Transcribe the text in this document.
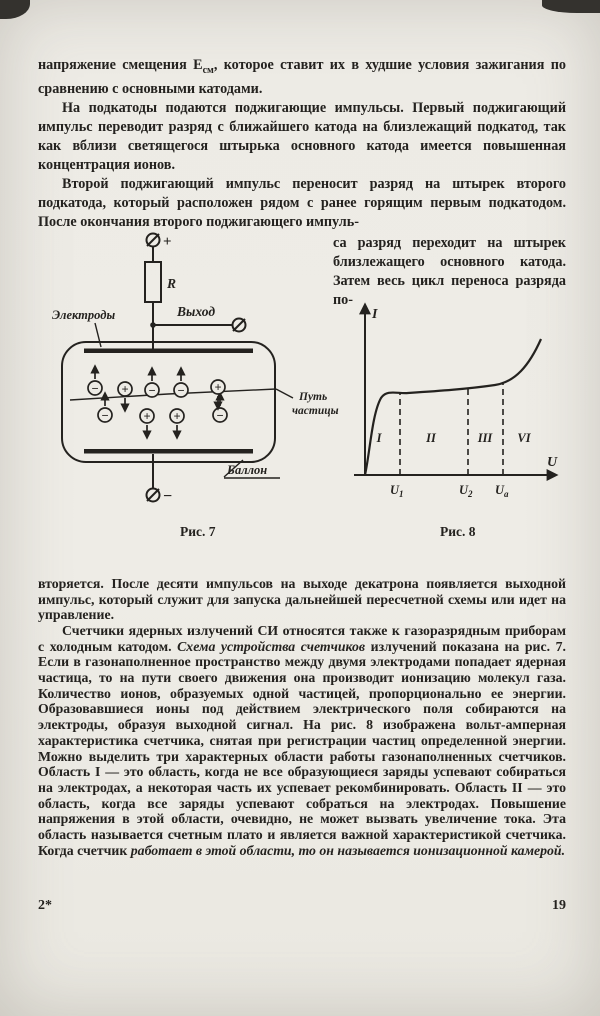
напряжение смещения $Е_{см}$, которое ставит их в худшие условия зажигания по сравнению с основными катодами.

На подкатоды подаются поджигающие импульсы. Первый поджигающий импульс переводит разряд с ближайшего катода на близлежащий подкатод, так как вблизи светящегося штырька основного катода имеется повышенная концентрация ионов.

Второй поджигающий импульс переносит разряд на штырек второго подкатода, который расположен рядом с ранее горящим первым подкатодом. После окончания второго поджигающего импуль-

са разряд переходит на штырек близлежащего основного катода. Затем весь цикл переноса разряда по-

−	− −
−	−
+	+
+ +
+
R
Выход
Электроды
Путь
частицы
Баллон
−
I
U
I	II	III VI
$U_1$	$U_2$ $U_а$
Рис. 7	Рис. 8

вторяется. После десяти импульсов на выходе декатрона появляется выходной импульс, который служит для запуска дальнейшей пересчетной схемы или идет на управление.

Счетчики ядерных излучений СИ относятся также к газоразрядным приборам с холодным катодом. Схема устройства счетчиков излучений показана на рис. 7. Если в газонаполненное пространство между двумя электродами попадает ядерная частица, то на пути своего движения она производит ионизацию молекул газа. Количество ионов, образуемых одной частицей, пропорционально ее энергии. Образовавшиеся ионы под действием электрического поля собираются на электроды, образуя выходной сигнал. На рис. 8 изображена вольт-амперная характеристика счетчика, снятая при регистрации частиц определенной энергии. Можно выделить три характерных области работы газонаполненных счетчиков. Область I — это область, когда не все образующиеся заряды успевают собираться на электродах, а некоторая часть их успевает рекомбинировать. Область II — это область, когда все заряды успевают собраться на электродах. Повышение напряжения в этой области, очевидно, не может вызвать увеличение тока. Эта область называется счетным плато и является важной характеристикой счетчика. Когда счетчик работает в этой области, то он называется ионизационной камерой.

2*	19
